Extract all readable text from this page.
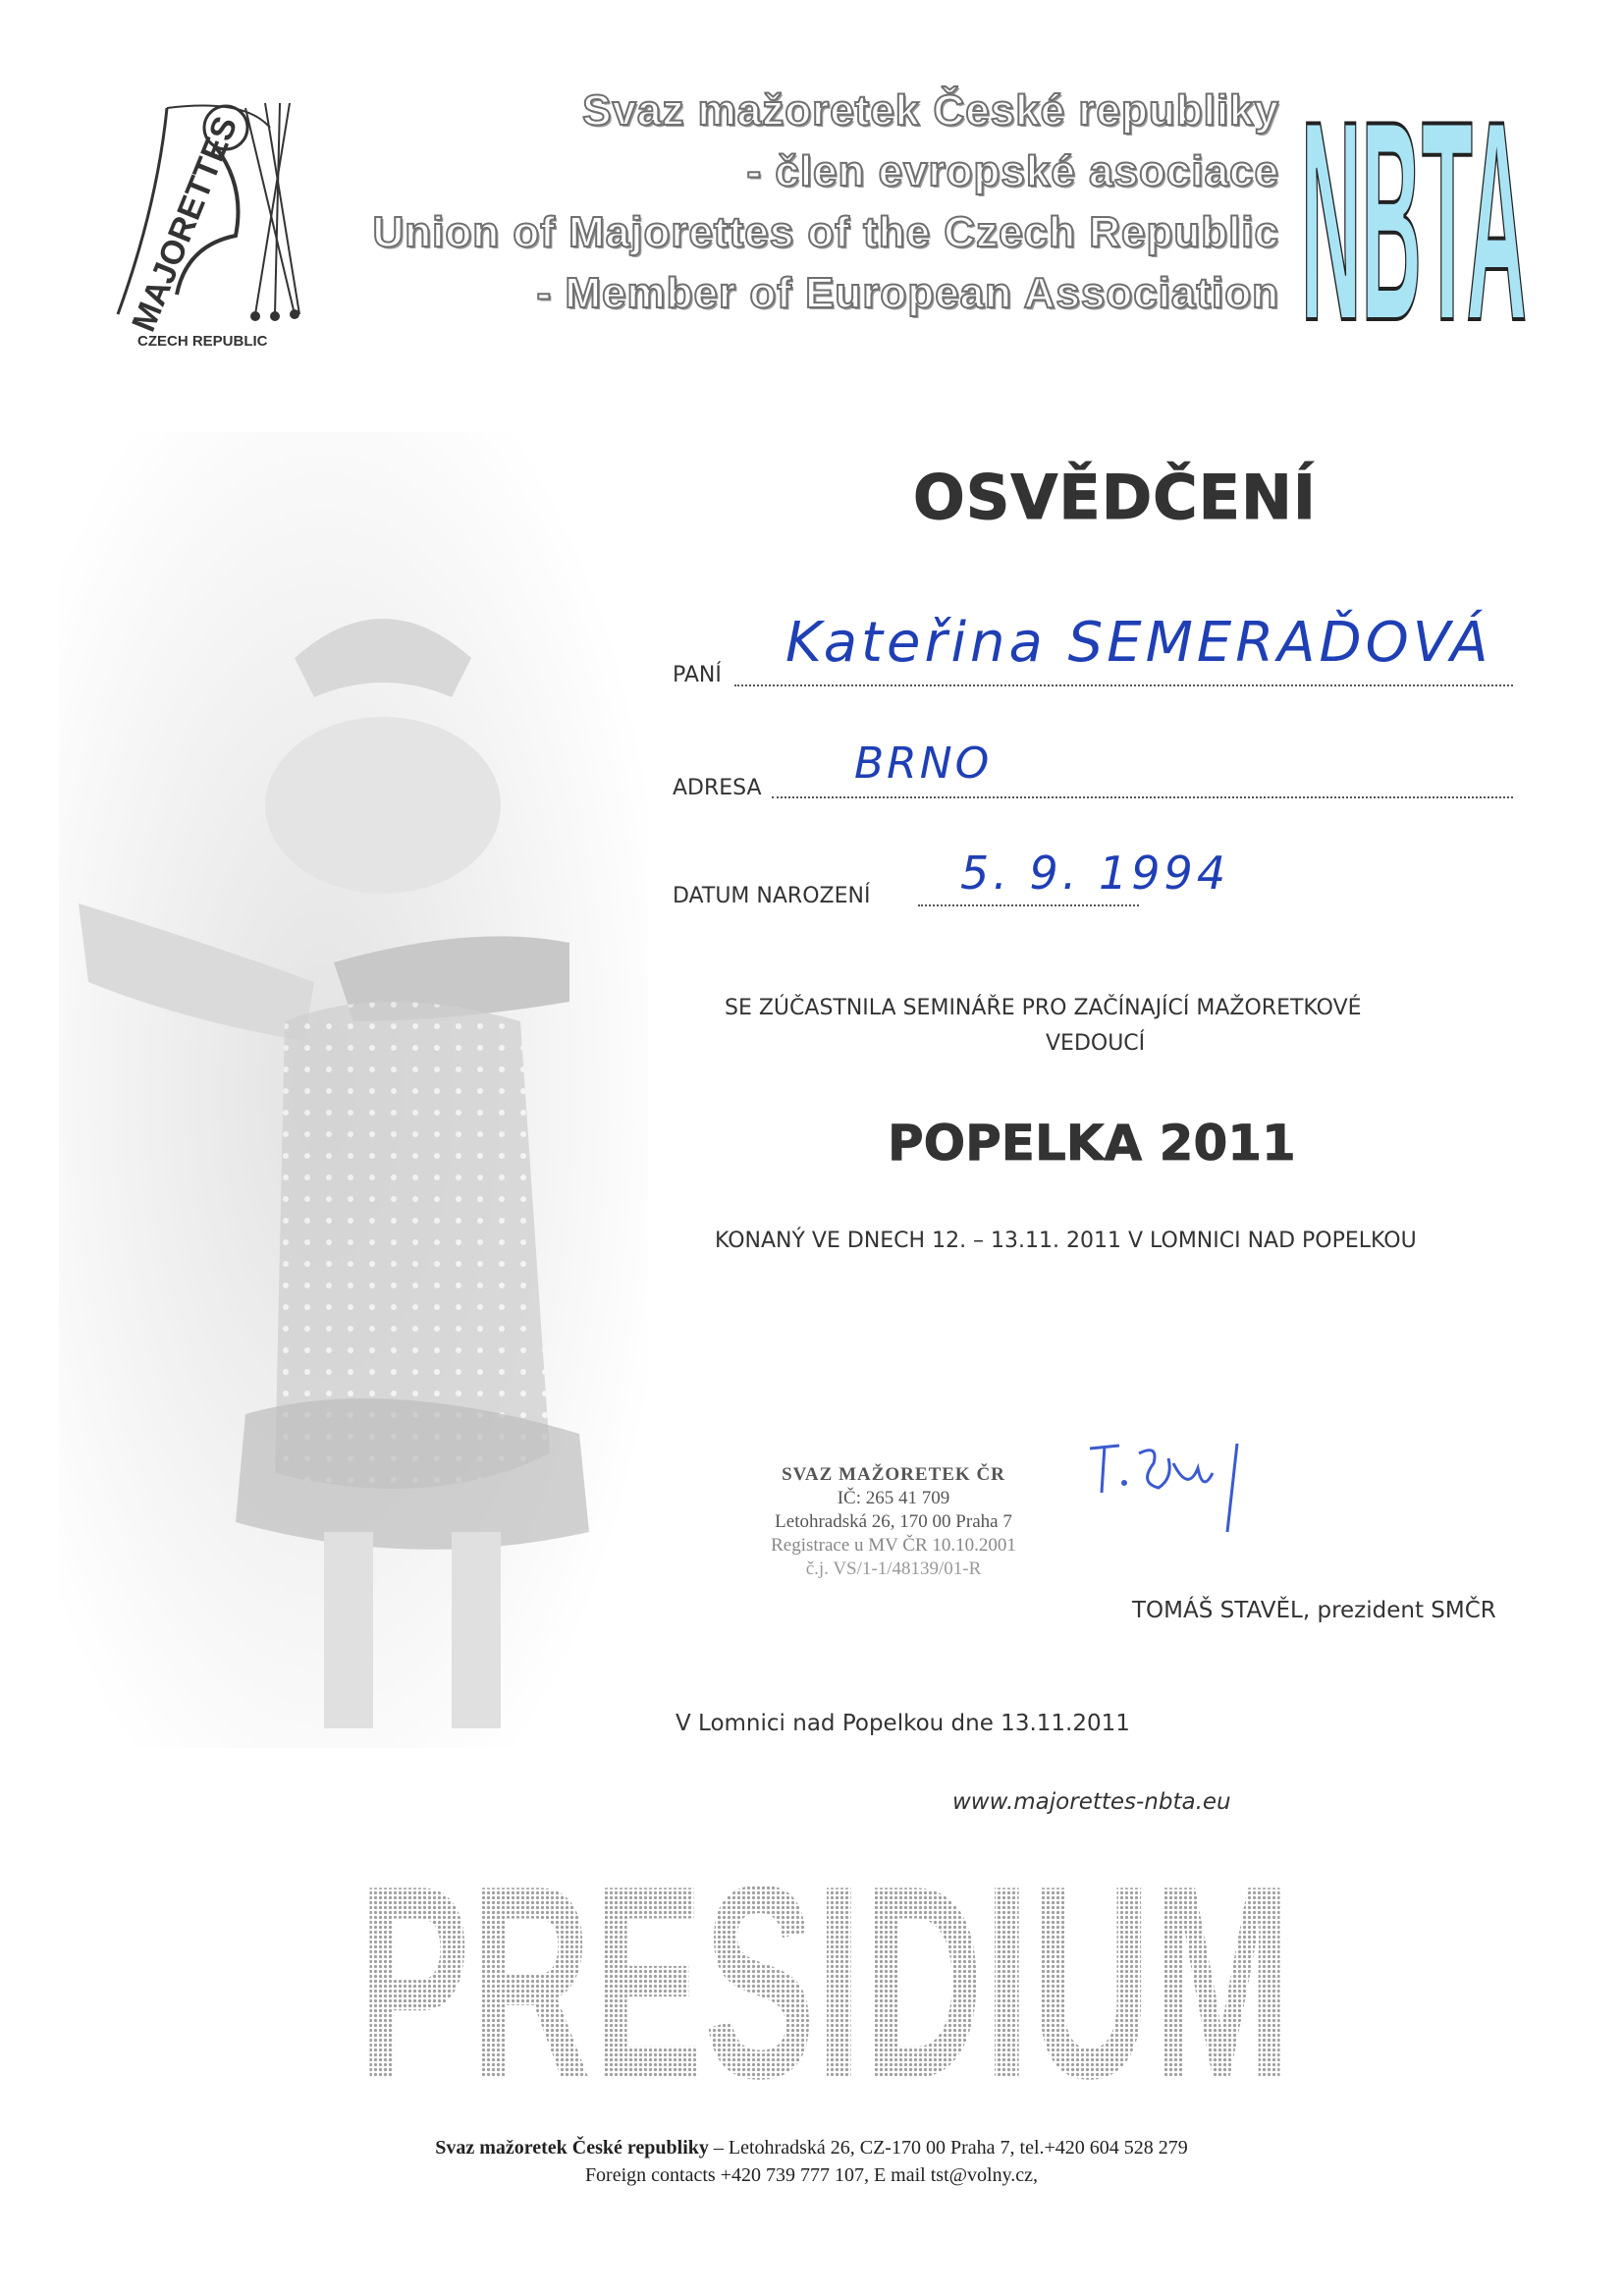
MAJORETTES
CZECH REPUBLIC
Svaz mažoretek České republiky
- člen evropské asociace
Union of Majorettes of the Czech Republic
- Member of European Association NBTA
OSVĚDČENÍ
PANÍ
Kateřina SEMERAĎOVÁ
ADRESA BRNO
DATUM NAROZENÍ 5. 9. 1994
SE ZÚČASTNILA SEMINÁŘE PRO ZAČÍNAJÍCÍ MAŽORETKOVÉ
VEDOUCÍ
POPELKA 2011
KONANÝ VE DNECH 12. – 13.11. 2011 V LOMNICI NAD POPELKOU
SVAZ MAŽORETEK ČR
IČ: 265 41 709
Letohradská 26, 170 00 Praha 7
Registrace u MV ČR 10.10.2001
č.j. VS/1-1/48139/01-R
TOMÁŠ STAVĚL, prezident SMČR
V Lomnici nad Popelkou dne 13.11.2011
www.majorettes-nbta.eu
PRESIDIUM
Svaz mažoretek České republiky – Letohradská 26, CZ-170 00 Praha 7, tel.+420 604 528 279
Foreign contacts +420 739 777 107, E mail tst@volny.cz,
